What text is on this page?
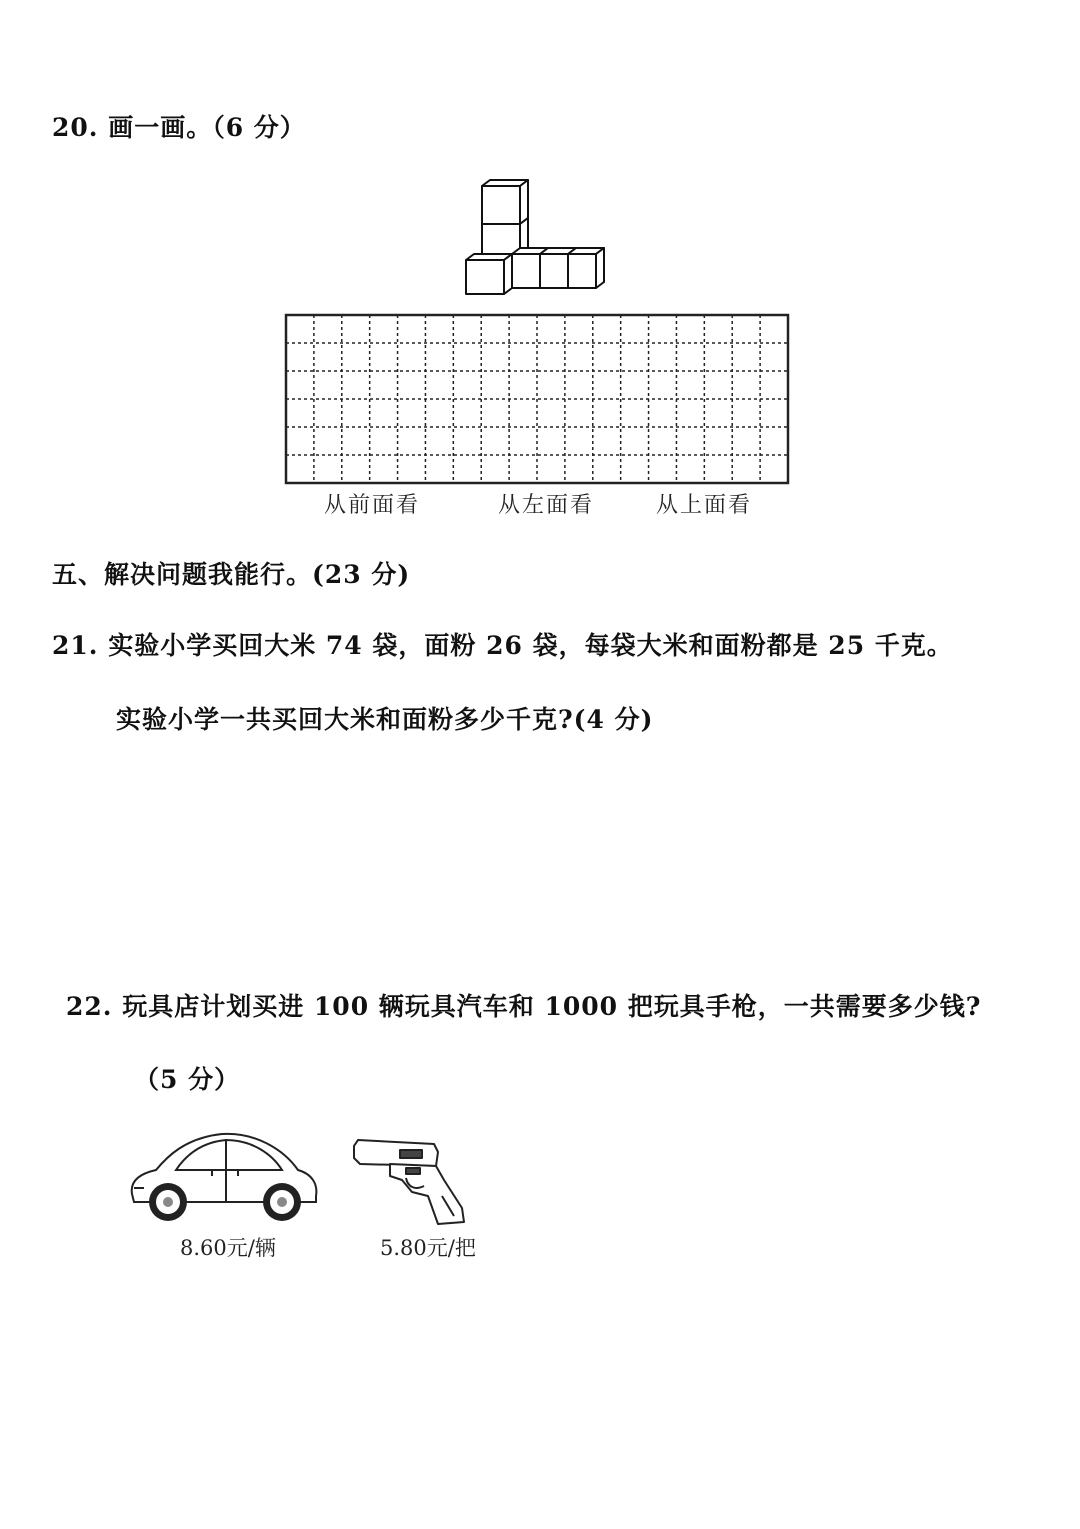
20. 画一画。（6 分）
从前面看	从左面看	从上面看
五、解决问题我能行。(23 分)
21. 实验小学买回大米 74 袋，面粉 26 袋，每袋大米和面粉都是 25 千克。
实验小学一共买回大米和面粉多少千克?(4 分)
22. 玩具店计划买进 100 辆玩具汽车和 1000 把玩具手枪，一共需要多少钱?
（5 分）
8.60元/辆	5.80元/把
